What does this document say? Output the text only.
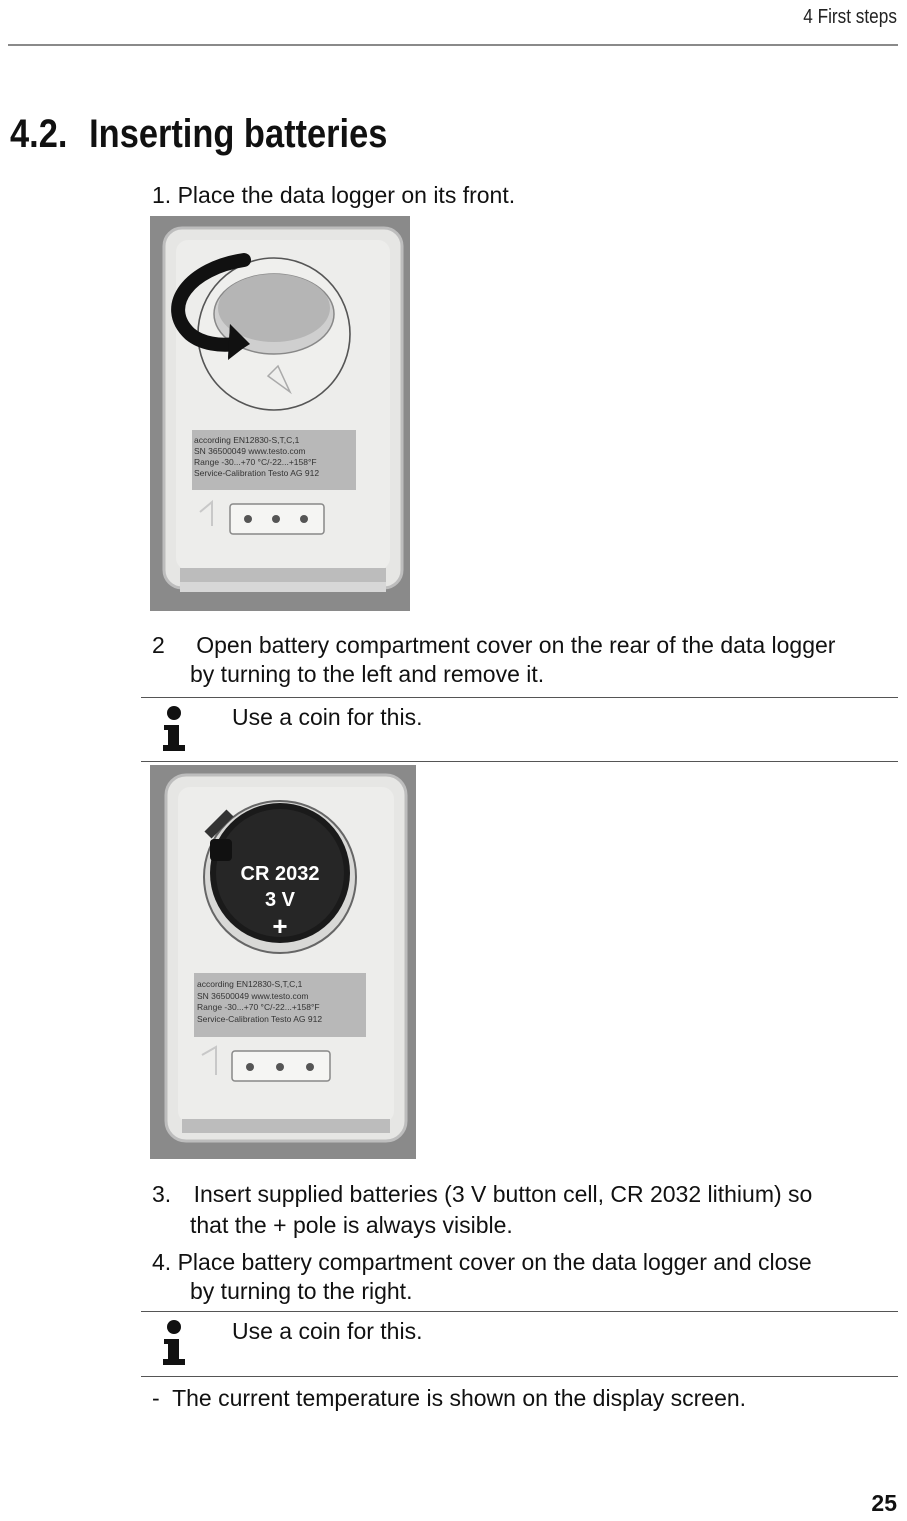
4 First steps
4.2. Inserting batteries
1. Place the data logger on its front.
according EN12830-S,T,C,1
SN 36500049 www.testo.com
Range -30...+70 °C/-22...+158°F
Service-Calibration Testo AG 912
2 Open battery compartment cover on the rear of the data logger
by turning to the left and remove it.
Use a coin for this.
CR 2032
3 V
+
according EN12830-S,T,C,1
SN 36500049 www.testo.com
Range -30...+70 °C/-22...+158°F
Service-Calibration Testo AG 912
3. Insert supplied batteries (3 V button cell, CR 2032 lithium) so
that the + pole is always visible.
4. Place battery compartment cover on the data logger and close
by turning to the right.
Use a coin for this.
- The current temperature is shown on the display screen.
25
